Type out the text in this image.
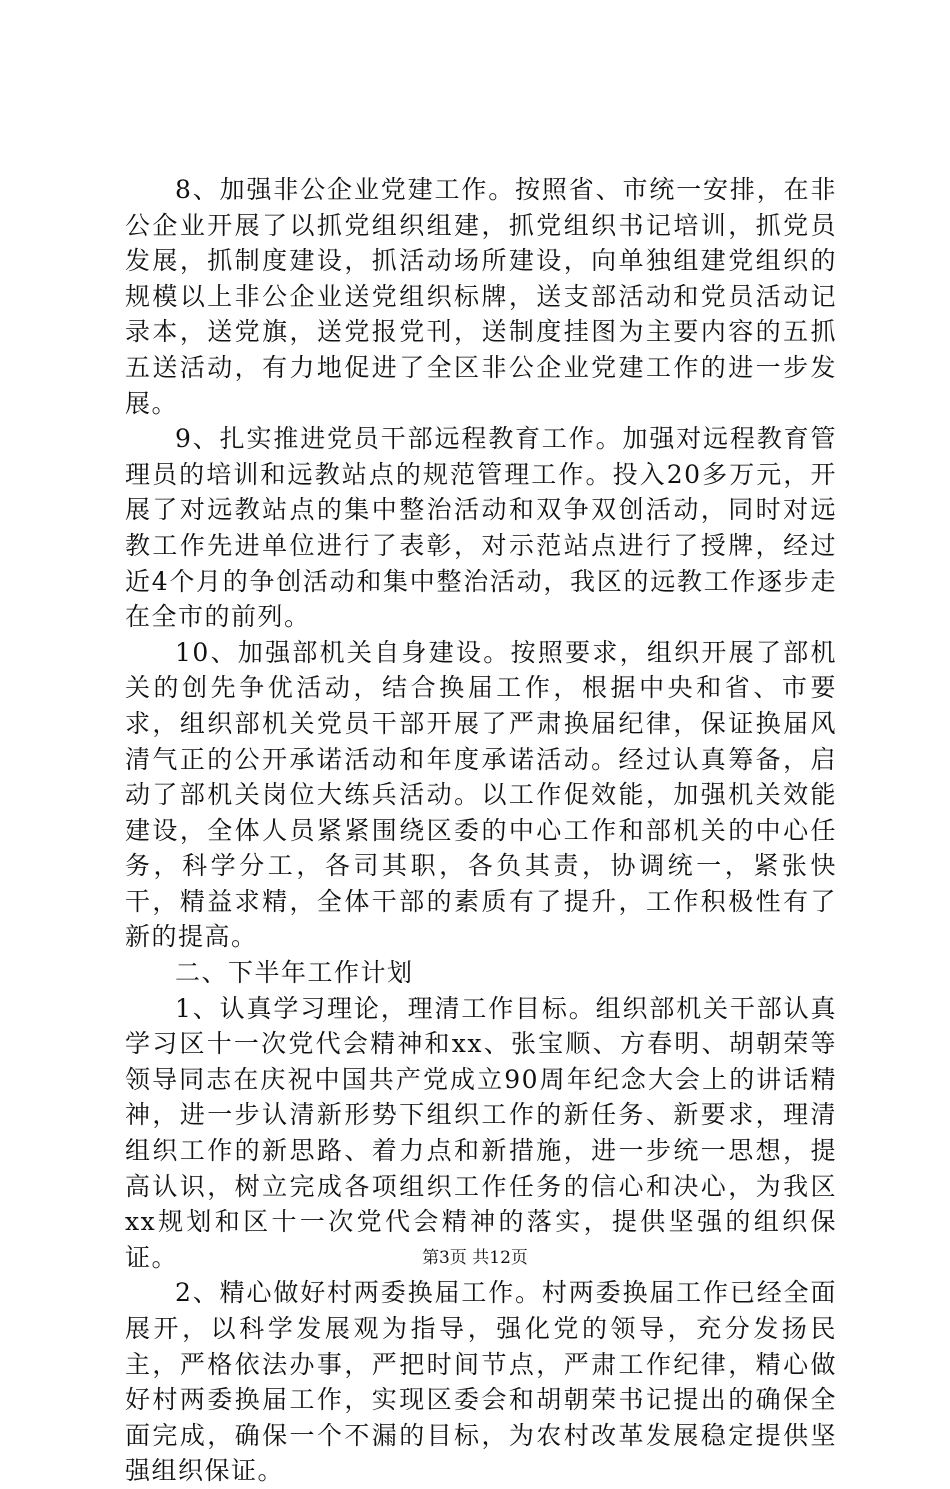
8、加强非公企业党建工作。按照省、市统一安排，在非公企业开展了以抓党组织组建，抓党组织书记培训，抓党员发展，抓制度建设，抓活动场所建设，向单独组建党组织的规模以上非公企业送党组织标牌，送支部活动和党员活动记录本，送党旗，送党报党刊，送制度挂图为主要内容的五抓五送活动，有力地促进了全区非公企业党建工作的进一步发展。

9、扎实推进党员干部远程教育工作。加强对远程教育管理员的培训和远教站点的规范管理工作。投入20多万元，开展了对远教站点的集中整治活动和双争双创活动，同时对远教工作先进单位进行了表彰，对示范站点进行了授牌，经过近4个月的争创活动和集中整治活动，我区的远教工作逐步走在全市的前列。

10、加强部机关自身建设。按照要求，组织开展了部机关的创先争优活动，结合换届工作，根据中央和省、市要求，组织部机关党员干部开展了严肃换届纪律，保证换届风清气正的公开承诺活动和年度承诺活动。经过认真筹备，启动了部机关岗位大练兵活动。以工作促效能，加强机关效能建设，全体人员紧紧围绕区委的中心工作和部机关的中心任务，科学分工，各司其职，各负其责，协调统一，紧张快干，精益求精，全体干部的素质有了提升，工作积极性有了新的提高。

二、下半年工作计划

1、认真学习理论，理清工作目标。组织部机关干部认真学习区十一次党代会精神和xx、张宝顺、方春明、胡朝荣等领导同志在庆祝中国共产党成立90周年纪念大会上的讲话精神，进一步认清新形势下组织工作的新任务、新要求，理清组织工作的新思路、着力点和新措施，进一步统一思想，提高认识，树立完成各项组织工作任务的信心和决心，为我区xx规划和区十一次党代会精神的落实，提供坚强的组织保证。

2、精心做好村两委换届工作。村两委换届工作已经全面展开，以科学发展观为指导，强化党的领导，充分发扬民主，严格依法办事，严把时间节点，严肃工作纪律，精心做好村两委换届工作，实现区委会和胡朝荣书记提出的确保全面完成，确保一个不漏的目标，为农村改革发展稳定提供坚强组织保证。

第3页 共12页
